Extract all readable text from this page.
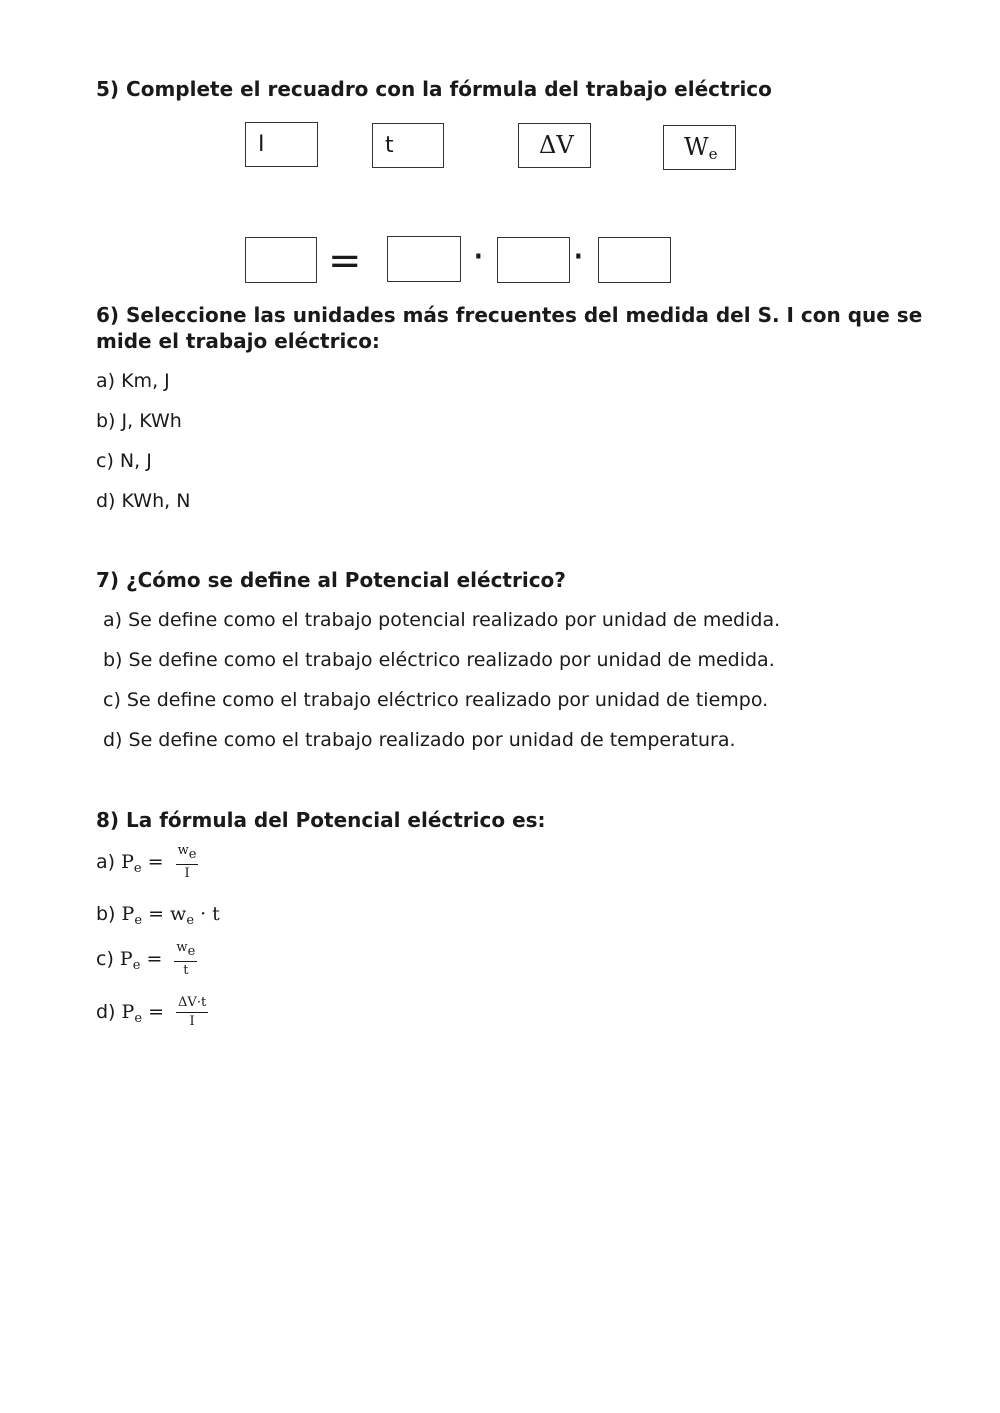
5) Complete el recuadro con la fórmula del trabajo eléctrico
I	t	ΔV	$W_e$
=	· ·
6) Seleccione las unidades más frecuentes del medida del S. I con que se
mide el trabajo eléctrico:
a) Km, J
b) J, KWh
c) N, J
d) KWh, N
7) ¿Cómo se define al Potencial eléctrico?
a) Se define como el trabajo potencial realizado por unidad de medida.
b) Se define como el trabajo eléctrico realizado por unidad de medida.
c) Se define como el trabajo eléctrico realizado por unidad de tiempo.
d) Se define como el trabajo realizado por unidad de temperatura.
8) La fórmula del Potencial eléctrico es:
a) $P_e = \frac{w_e}{I}$
b) $P_e = w_e \cdot t$
c) $P_e = \frac{w_e}{t}$
d) $P_e = \frac{\Delta V\cdot t}{I}$
